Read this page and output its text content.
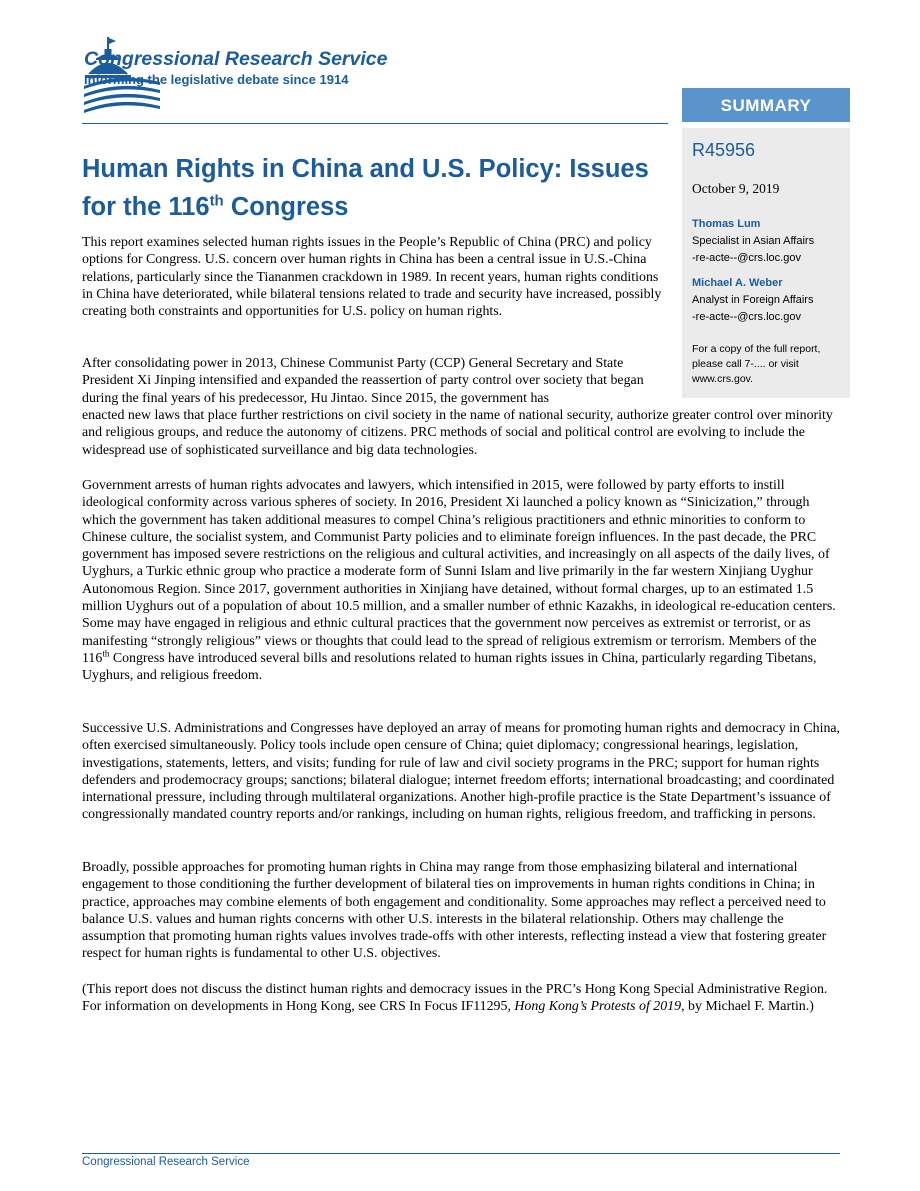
Congressional Research Service
Informing the legislative debate since 1914
SUMMARY
R45956
October 9, 2019
Thomas Lum
Specialist in Asian Affairs
-re-acte--@crs.loc.gov
Michael A. Weber
Analyst in Foreign Affairs
-re-acte--@crs.loc.gov
For a copy of the full report, please call 7-.... or visit www.crs.gov.
Human Rights in China and U.S. Policy: Issues for the 116th Congress

This report examines selected human rights issues in the People’s Republic of China (PRC) and policy options for Congress. U.S. concern over human rights in China has been a central issue in U.S.-China relations, particularly since the Tiananmen crackdown in 1989. In recent years, human rights conditions in China have deteriorated, while bilateral tensions related to trade and security have increased, possibly creating both constraints and opportunities for U.S. policy on human rights.

After consolidating power in 2013, Chinese Communist Party (CCP) General Secretary and State President Xi Jinping intensified and expanded the reassertion of party control over society that began during the final years of his predecessor, Hu Jintao. Since 2015, the government has

enacted new laws that place further restrictions on civil society in the name of national security, authorize greater control over minority and religious groups, and reduce the autonomy of citizens. PRC methods of social and political control are evolving to include the widespread use of sophisticated surveillance and big data technologies.

Government arrests of human rights advocates and lawyers, which intensified in 2015, were followed by party efforts to instill ideological conformity across various spheres of society. In 2016, President Xi launched a policy known as “Sinicization,” through which the government has taken additional measures to compel China’s religious practitioners and ethnic minorities to conform to Chinese culture, the socialist system, and Communist Party policies and to eliminate foreign influences. In the past decade, the PRC government has imposed severe restrictions on the religious and cultural activities, and increasingly on all aspects of the daily lives, of Uyghurs, a Turkic ethnic group who practice a moderate form of Sunni Islam and live primarily in the far western Xinjiang Uyghur Autonomous Region. Since 2017, government authorities in Xinjiang have detained, without formal charges, up to an estimated 1.5 million Uyghurs out of a population of about 10.5 million, and a smaller number of ethnic Kazakhs, in ideological re-education centers. Some may have engaged in religious and ethnic cultural practices that the government now perceives as extremist or terrorist, or as manifesting “strongly religious” views or thoughts that could lead to the spread of religious extremism or terrorism. Members of the 116th Congress have introduced several bills and resolutions related to human rights issues in China, particularly regarding Tibetans, Uyghurs, and religious freedom.

Successive U.S. Administrations and Congresses have deployed an array of means for promoting human rights and democracy in China, often exercised simultaneously. Policy tools include open censure of China; quiet diplomacy; congressional hearings, legislation, investigations, statements, letters, and visits; funding for rule of law and civil society programs in the PRC; support for human rights defenders and prodemocracy groups; sanctions; bilateral dialogue; internet freedom efforts; international broadcasting; and coordinated international pressure, including through multilateral organizations. Another high-profile practice is the State Department’s issuance of congressionally mandated country reports and/or rankings, including on human rights, religious freedom, and trafficking in persons.

Broadly, possible approaches for promoting human rights in China may range from those emphasizing bilateral and international engagement to those conditioning the further development of bilateral ties on improvements in human rights conditions in China; in practice, approaches may combine elements of both engagement and conditionality. Some approaches may reflect a perceived need to balance U.S. values and human rights concerns with other U.S. interests in the bilateral relationship. Others may challenge the assumption that promoting human rights values involves trade-offs with other interests, reflecting instead a view that fostering greater respect for human rights is fundamental to other U.S. objectives.

(This report does not discuss the distinct human rights and democracy issues in the PRC’s Hong Kong Special Administrative Region. For information on developments in Hong Kong, see CRS In Focus IF11295, Hong Kong’s Protests of 2019, by Michael F. Martin.)

Congressional Research Service
